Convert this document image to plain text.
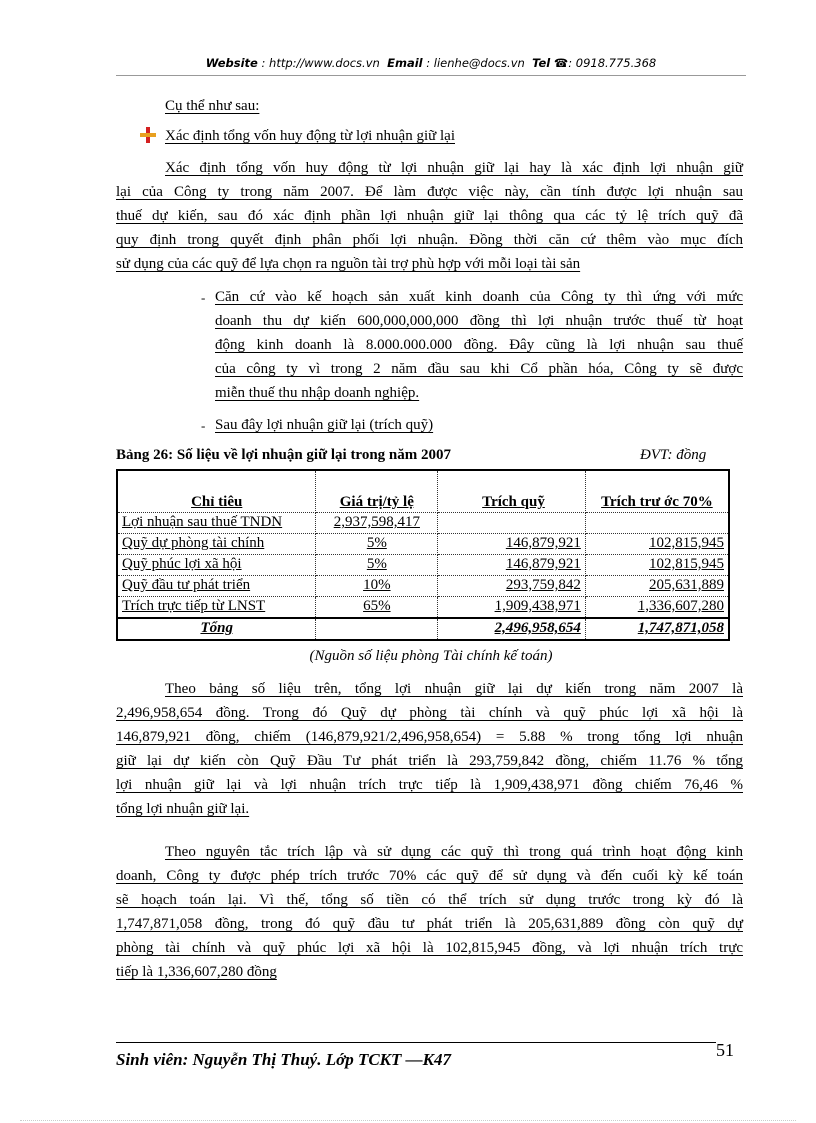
Website : http://www.docs.vn Email : lienhe@docs.vn Tel ☎: 0918.775.368
Cụ thể như sau:
Xác định tổng vốn huy động từ lợi nhuận giữ lại
Xác định tổng vốn huy động từ lợi nhuận giữ lại hay là xác định lợi nhuận giữ
lại của Công ty trong năm 2007. Để làm được việc này, cần tính được lợi nhuận sau
thuế dự kiến, sau đó xác định phần lợi nhuận giữ lại thông qua các tỷ lệ trích quỹ đã
quy định trong quyết định phân phối lợi nhuận. Đồng thời căn cứ thêm vào mục đích
sử dụng của các quỹ để lựa chọn ra nguồn tài trợ phù hợp với mỗi loại tài sản
Căn cứ vào kế hoạch sản xuất kinh doanh của Công ty thì ứng với mức
doanh thu dự kiến 600,000,000,000 đồng thì lợi nhuận trước thuế từ hoạt
động kinh doanh là 8.000.000.000 đồng. Đây cũng là lợi nhuận sau thuế
của công ty vì trong 2 năm đầu sau khi Cổ phần hóa, Công ty sẽ được
miễn thuế thu nhập doanh nghiệp.
-
- Sau đây lợi nhuận giữ lại (trích quỹ)
Bảng 26: Số liệu về lợi nhuận giữ lại trong năm 2007	ĐVT: đồng
Chỉ tiêu	Giá trị/tỷ lệ	Trích quỹ	Trích trư ớc 70%
Lợi nhuận sau thuế TNDN	2,937,598,417		
Quỹ dự phòng tài chính	5%	146,879,921	102,815,945
Quỹ phúc lợi xã hội	5%	146,879,921	102,815,945
Quỹ đầu tư phát triển	10%	293,759,842	205,631,889
Trích trực tiếp từ LNST	65%	1,909,438,971	1,336,607,280
Tổng		2,496,958,654	1,747,871,058
(Nguồn số liệu phòng Tài chính kế toán)
Theo bảng số liệu trên, tổng lợi nhuận giữ lại dự kiến trong năm 2007 là
2,496,958,654 đồng. Trong đó Quỹ dự phòng tài chính và quỹ phúc lợi xã hội là
146,879,921 đồng, chiếm (146,879,921/2,496,958,654) = 5.88 % trong tổng lợi nhuận
giữ lại dự kiến còn Quỹ Đầu Tư phát triển là 293,759,842 đồng, chiếm 11.76 % tổng
lợi nhuận giữ lại và lợi nhuận trích trực tiếp là 1,909,438,971 đồng chiếm 76,46 %
tổng lợi nhuận giữ lại.
Theo nguyên tắc trích lập và sử dụng các quỹ thì trong quá trình hoạt động kinh
doanh, Công ty được phép trích trước 70% các quỹ để sử dụng và đến cuối kỳ kế toán
sẽ hoạch toán lại. Vì thế, tổng số tiền có thể trích sử dụng trước trong kỳ đó là
1,747,871,058 đồng, trong đó quỹ đầu tư phát triển là 205,631,889 đồng còn quỹ dự
phòng tài chính và quỹ phúc lợi xã hội là 102,815,945 đồng, và lợi nhuận trích trực
tiếp là 1,336,607,280 đồng
Sinh viên: Nguyễn Thị Thuý. Lớp TCKT —K47	51
